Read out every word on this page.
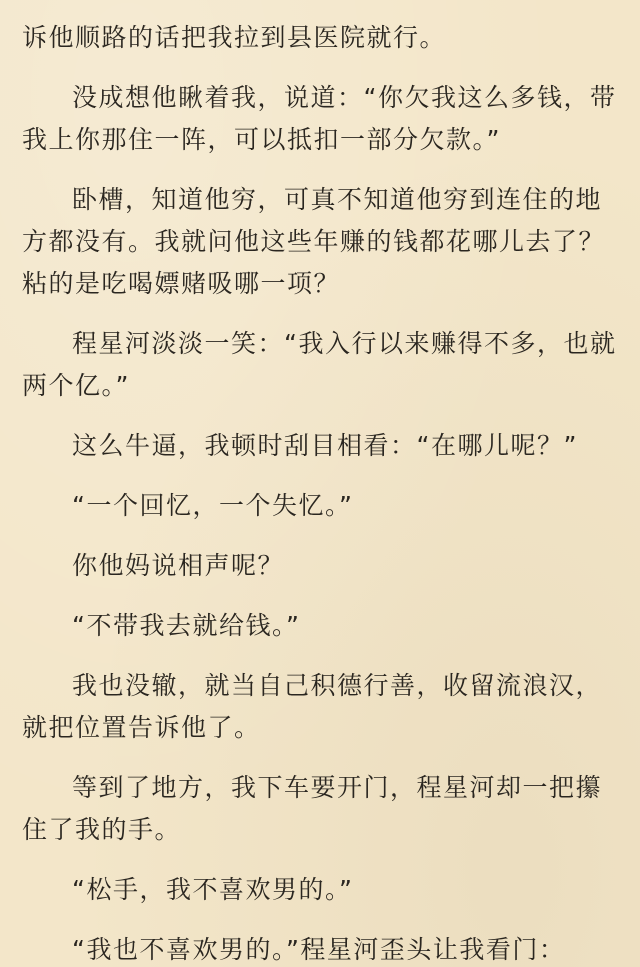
诉他顺路的话把我拉到县医院就行。

没成想他瞅着我，说道：“你欠我这么多钱，带我上你那住一阵，可以抵扣一部分欠款。”

卧槽，知道他穷，可真不知道他穷到连住的地方都没有。我就问他这些年赚的钱都花哪儿去了？粘的是吃喝嫖赌吸哪一项？

程星河淡淡一笑：“我入行以来赚得不多，也就两个亿。”

这么牛逼，我顿时刮目相看：“在哪儿呢？”

“一个回忆，一个失忆。”

你他妈说相声呢？

“不带我去就给钱。”

我也没辙，就当自己积德行善，收留流浪汉，就把位置告诉他了。

等到了地方，我下车要开门，程星河却一把攥住了我的手。

“松手，我不喜欢男的。”

“我也不喜欢男的。”程星河歪头让我看门：
